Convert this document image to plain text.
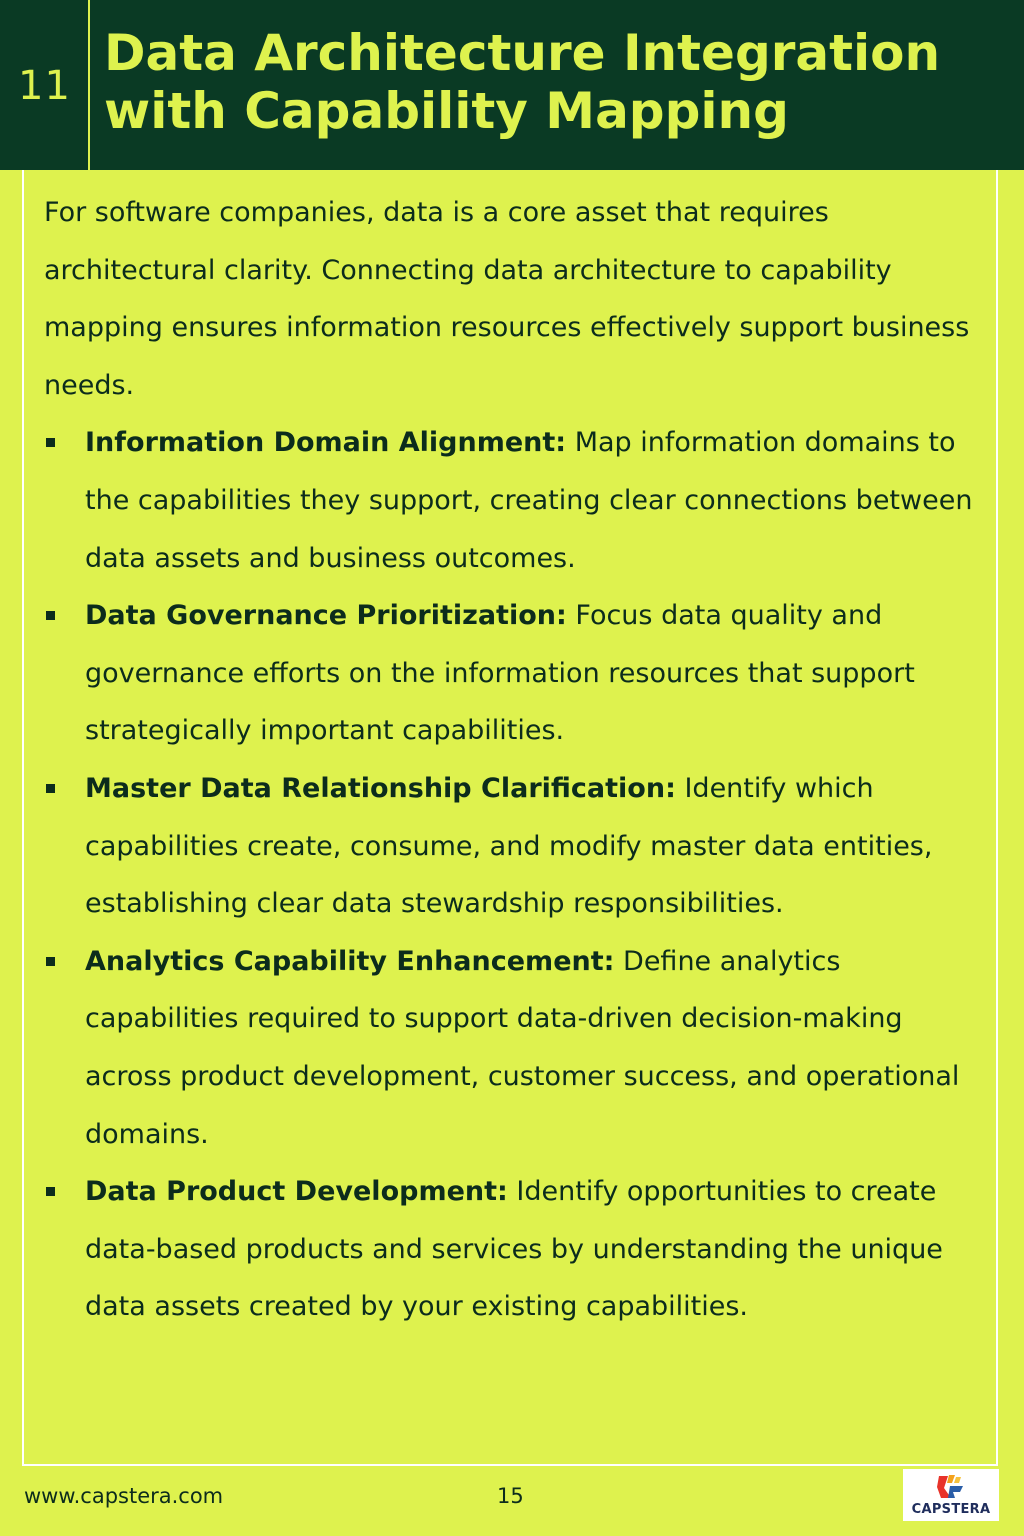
11
Data Architecture Integration with Capability Mapping

For software companies, data is a core asset that requires architectural clarity. Connecting data architecture to capability mapping ensures information resources effectively support business needs.

Information Domain Alignment: Map information domains to the capabilities they support, creating clear connections between data assets and business outcomes.
Data Governance Prioritization: Focus data quality and governance efforts on the information resources that support strategically important capabilities.
Master Data Relationship Clarification: Identify which capabilities create, consume, and modify master data entities, establishing clear data stewardship responsibilities.
Analytics Capability Enhancement: Define analytics capabilities required to support data-driven decision-making across product development, customer success, and operational domains.
Data Product Development: Identify opportunities to create data-based products and services by understanding the unique data assets created by your existing capabilities.
www.capstera.com	15
CAPSTERA
